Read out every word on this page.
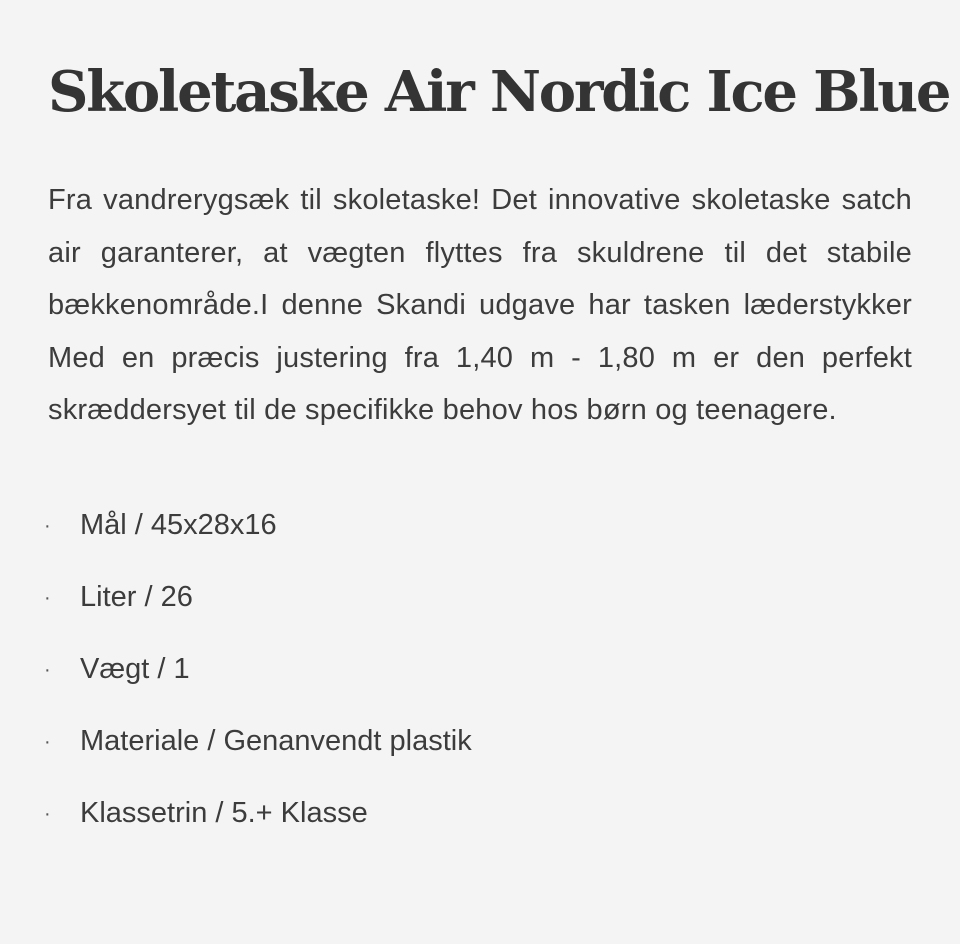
Skoletaske Air Nordic Ice Blue

Fra vandrerygsæk til skoletaske! Det innovative skoletaske satch air garanterer, at vægten flyttes fra skuldrene til det stabile bækkenområde.I denne Skandi udgave har tasken læderstykker Med en præcis justering fra 1,40 m - 1,80 m er den perfekt skræddersyet til de specifikke behov hos børn og teenagere.

·	Mål / 45x28x16
·	Liter / 26
·	Vægt / 1
·	Materiale / Genanvendt plastik
·	Klassetrin / 5.+ Klasse
